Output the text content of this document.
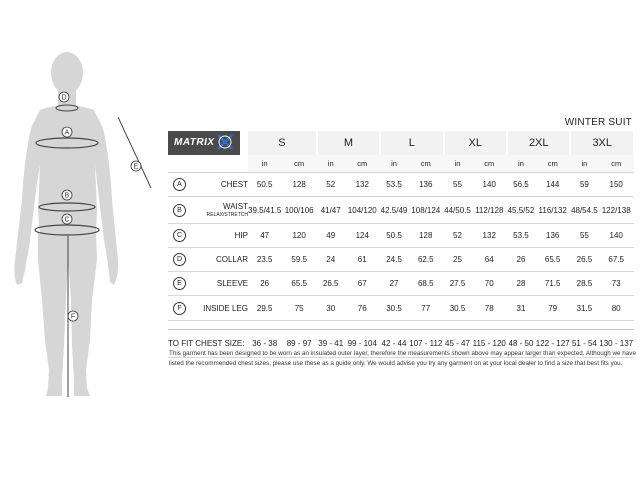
D
A
E
B
C
F
WINTER SUIT
MATRIX	S		M		L		XL		2XL		3XL	
	in	cm	in	cm	in	cm	in	cm	in	cm	in	cm
A CHEST	50.5	128	52	132	53.5	136	55	140	56.5	144	59	150
B WAIST
RELAX/STRETCH	39.5/41.5	100/106	41/47	104/120	42.5/49	108/124	44/50.5	112/128	45.5/52	116/132	48/54.5	122/138
C HIP	47	120	49	124	50.5	128	52	132	53.5	136	55	140
D COLLAR	23.5	59.5	24	61	24.5	62.5	25	64	26	65.5	26.5	67.5
E SLEEVE	26	65.5	26.5	67	27	68.5	27.5	70	28	71.5	28.5	73
F INSIDE LEG	29.5	75	30	76	30.5	77	30.5	78	31	79	31.5	80

TO FIT CHEST SIZE:	36 - 38	89 - 97	39 - 41	99 - 104	42 - 44	107 - 112	45 - 47	115 - 120	48 - 50	122 - 127	51 - 54	130 - 137
This garment has been designed to be worn as an insulated outer layer, therefore the measurements shown above may appear larger than expected. Although we have listed the recommended chest sizes, please use these as a guide only. We would advise you try any garment on at your local dealer to find a size that best fits you.
